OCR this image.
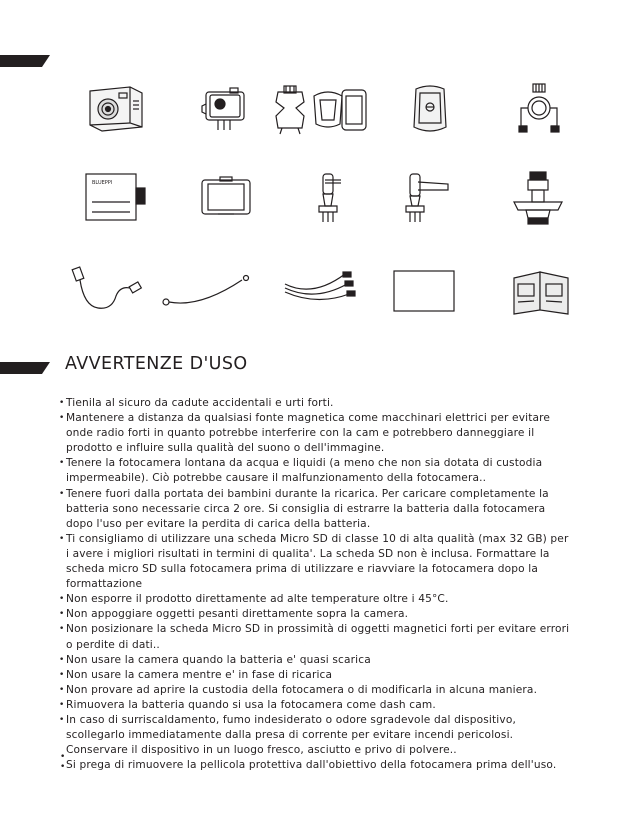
BLUEPPI
AVVERTENZE D'USO
• Tienila al sicuro da cadute accidentali e urti forti.
• Mantenere a distanza da qualsiasi fonte magnetica come macchinari elettrici per evitare onde radio forti in quanto potrebbe interferire con la cam e potrebbero danneggiare il prodotto e influire sulla qualità del suono o dell'immagine.
• Tenere la fotocamera lontana da acqua e liquidi (a meno che non sia dotata di custodia impermeabile). Ciò potrebbe causare il malfunzionamento della fotocamera..
• Tenere fuori dalla portata dei bambini durante la ricarica. Per caricare completamente la batteria sono necessarie circa 2 ore. Si consiglia di estrarre la batteria dalla fotocamera dopo l'uso per evitare la perdita di carica della batteria.
• Ti consigliamo di utilizzare una scheda Micro SD di classe 10 di alta qualità (max 32 GB) per i avere i migliori risultati in termini di qualita'. La scheda SD non è inclusa. Formattare la scheda micro SD sulla fotocamera prima di utilizzare e riavviare la fotocamera dopo la formattazione
• Non esporre il prodotto direttamente ad alte temperature oltre i 45°C.
• Non appoggiare oggetti pesanti direttamente sopra la camera.
• Non posizionare la scheda Micro SD in prossimità di oggetti magnetici forti per evitare errori o perdite di dati..
• Non usare la camera quando la batteria e' quasi scarica
• Non usare la camera mentre e' in fase di ricarica
• Non provare ad aprire la custodia della fotocamera o di modificarla in alcuna maniera.
• Rimuovera la batteria quando si usa la fotocamera come dash cam.
• In caso di surriscaldamento, fumo indesiderato o odore sgradevole dal dispositivo, scollegarlo immediatamente dalla presa di corrente per evitare incendi pericolosi.
Conservare il dispositivo in un luogo fresco, asciutto e privo di polvere..
Si prega di rimuovere la pellicola protettiva dall'obiettivo della fotocamera prima dell'uso.
•
•
